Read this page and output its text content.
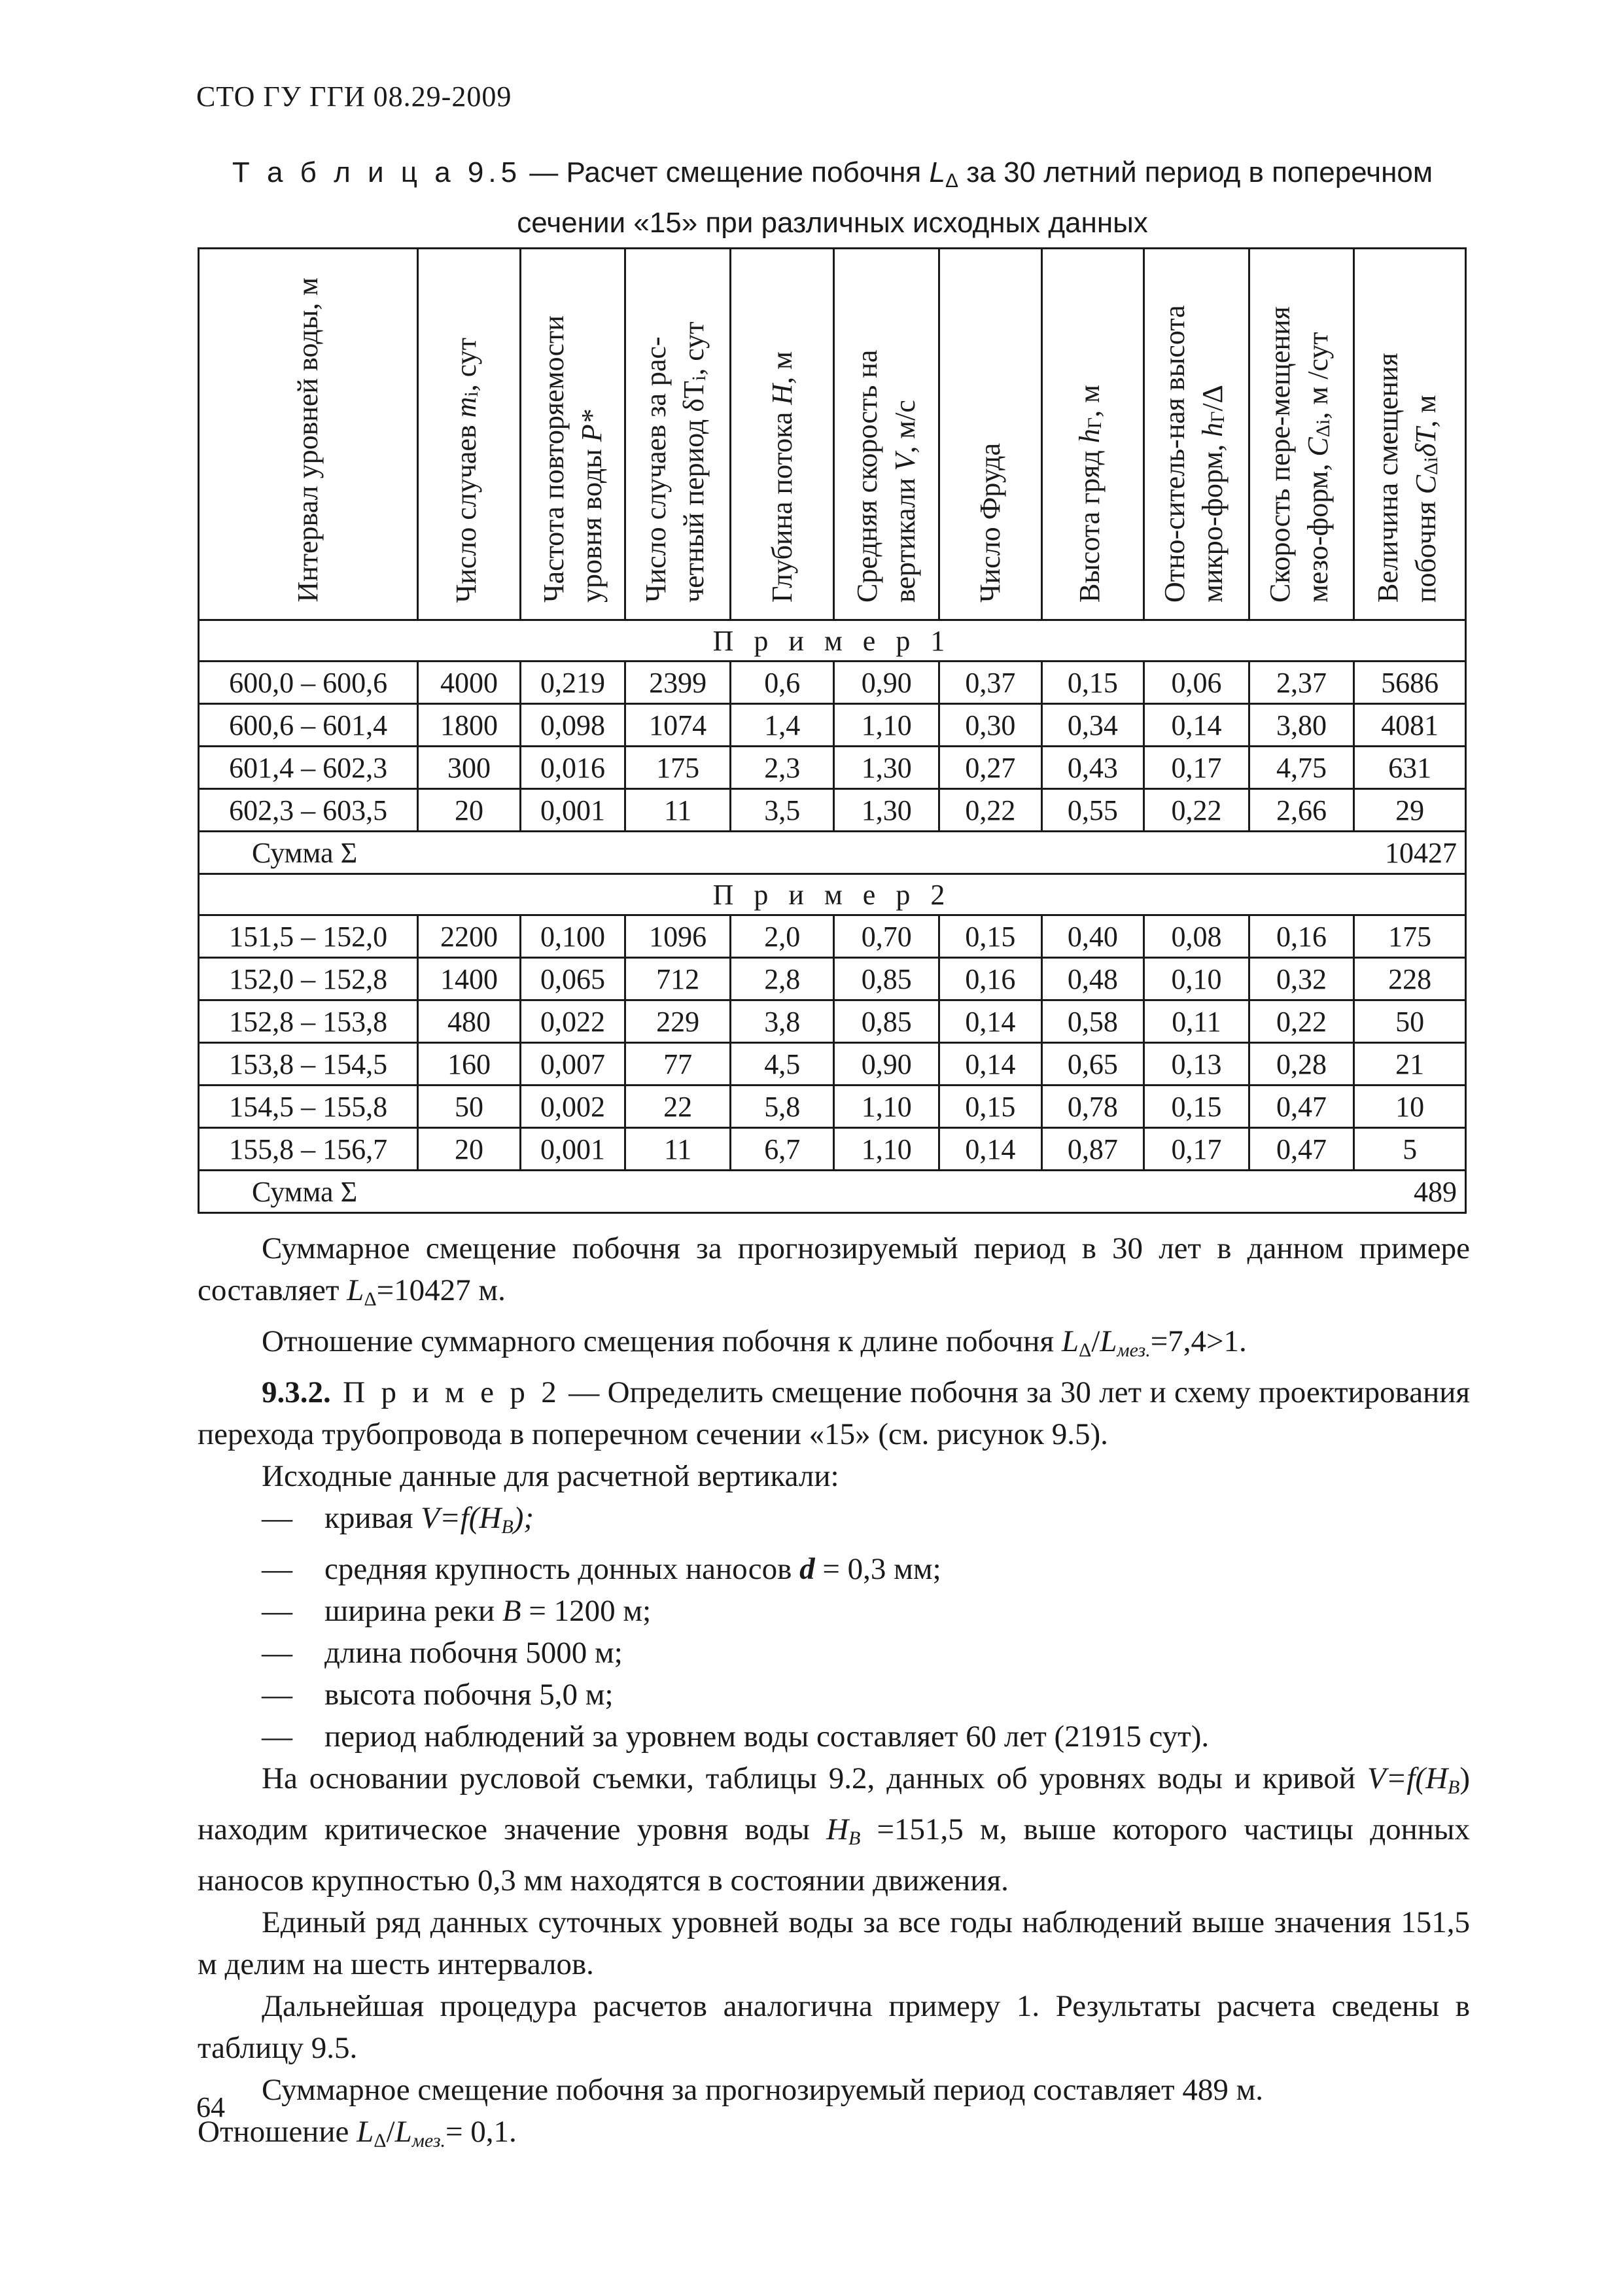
СТО ГУ ГГИ 08.29-2009
Т а б л и ц а 9.5 — Расчет смещение побочня $L_\Delta$ за 30 летний период в поперечном
сечении «15» при различных исходных данных
Интервал уровней воды, м	Число случаев $m_i$, сут	Частота повторяемости уровня воды P*	Число случаев за рас-четный период $\delta T_i$, сут	Глубина потока H, м	Средняя скорость на вертикали V, м/с	Число Фруда	Высота гряд $h_Г$, м	Отно-ситель-ная высота микро-форм, $h_Г/\Delta$	Скорость пере-мещения мезо-форм, $C_{\Delta i}$, м /сут	Величина смещения побочня $C_{\Delta i}\delta T$, м
П р и м е р 1										
600,0 – 600,6	4000	0,219	2399	0,6	0,90	0,37	0,15	0,06	2,37	5686
600,6 – 601,4	1800	0,098	1074	1,4	1,10	0,30	0,34	0,14	3,80	4081
601,4 – 602,3	300	0,016	175	2,3	1,30	0,27	0,43	0,17	4,75	631
602,3 – 603,5	20	0,001	11	3,5	1,30	0,22	0,55	0,22	2,66	29
Сумма Σ										10427
П р и м е р 2										
151,5 – 152,0	2200	0,100	1096	2,0	0,70	0,15	0,40	0,08	0,16	175
152,0 – 152,8	1400	0,065	712	2,8	0,85	0,16	0,48	0,10	0,32	228
152,8 – 153,8	480	0,022	229	3,8	0,85	0,14	0,58	0,11	0,22	50
153,8 – 154,5	160	0,007	77	4,5	0,90	0,14	0,65	0,13	0,28	21
154,5 – 155,8	50	0,002	22	5,8	1,10	0,15	0,78	0,15	0,47	10
155,8 – 156,7	20	0,001	11	6,7	1,10	0,14	0,87	0,17	0,47	5
Сумма Σ										489

Суммарное смещение побочня за прогнозируемый период в 30 лет в данном примере составляет $L_\Delta=10427$ м.

Отношение суммарного смещения побочня к длине побочня $L_\Delta/L_{мез.}=7,4>1$.

9.3.2. П р и м е р 2 — Определить смещение побочня за 30 лет и схему проектирования перехода трубопровода в поперечном сечении «15» (см. рисунок 9.5).

Исходные данные для расчетной вертикали:

— кривая $V=f(H_B)$;

— средняя крупность донных наносов d = 0,3 мм;

— ширина реки B = 1200 м;

— длина побочня 5000 м;

— высота побочня 5,0 м;

— период наблюдений за уровнем воды составляет 60 лет (21915 сут).

На основании русловой съемки, таблицы 9.2, данных об уровнях воды и кривой $V=f(H_B)$ находим критическое значение уровня воды $H_B =151,5$ м, выше которого частицы донных наносов крупностью 0,3 мм находятся в состоянии движения.

Единый ряд данных суточных уровней воды за все годы наблюдений выше значения 151,5 м делим на шесть интервалов.

Дальнейшая процедура расчетов аналогична примеру 1. Результаты расчета сведены в таблицу 9.5.

Суммарное смещение побочня за прогнозируемый период составляет 489 м.

Отношение $L_\Delta/L_{мез.}= 0,1$.

64
